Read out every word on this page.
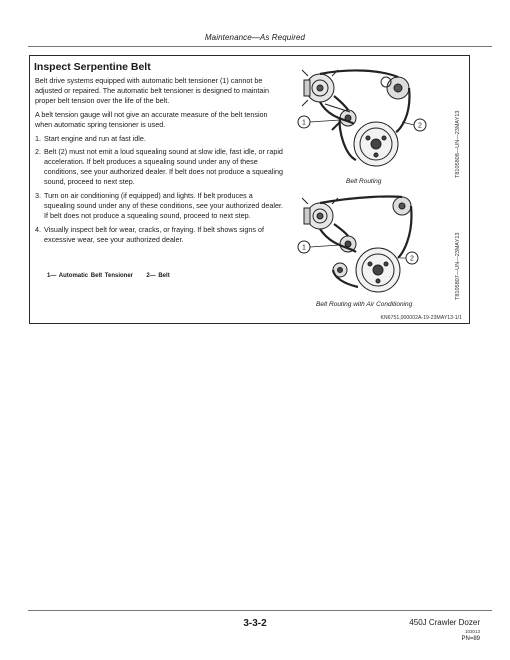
Maintenance—As Required
Inspect Serpentine Belt

Belt drive systems equipped with automatic belt tensioner (1) cannot be adjusted or repaired. The automatic belt tensioner is designed to maintain proper belt tension over the life of the belt.

A belt tension gauge will not give an accurate measure of the belt tension when automatic spring tensioner is used.

1. Start engine and run at fast idle.
2. Belt (2) must not emit a loud squealing sound at slow idle, fast idle, or rapid acceleration. If belt produces a squealing sound under any of these conditions, see your authorized dealer. If belt does not produce a squealing sound, proceed to next step.
3. Turn on air conditioning (if equipped) and lights. If belt produces a squealing sound under any of these conditions, see your authorized dealer. If belt does not produce a squealing sound, proceed to next step.
4. Visually inspect belt for wear, cracks, or fraying. If belt shows signs of excessive wear, see your authorized dealer.
1— Automatic Belt Tensioner     2— Belt
1	2
Belt Routing
T8105808—UN—23MAY13
1
2
Belt Routing with Air Conditioning
T8105807—UN—23MAY13
KN6751,000002A-19-23MAY13-1/1
3-3-2	450J Crawler Dozer
103013
PN=89
